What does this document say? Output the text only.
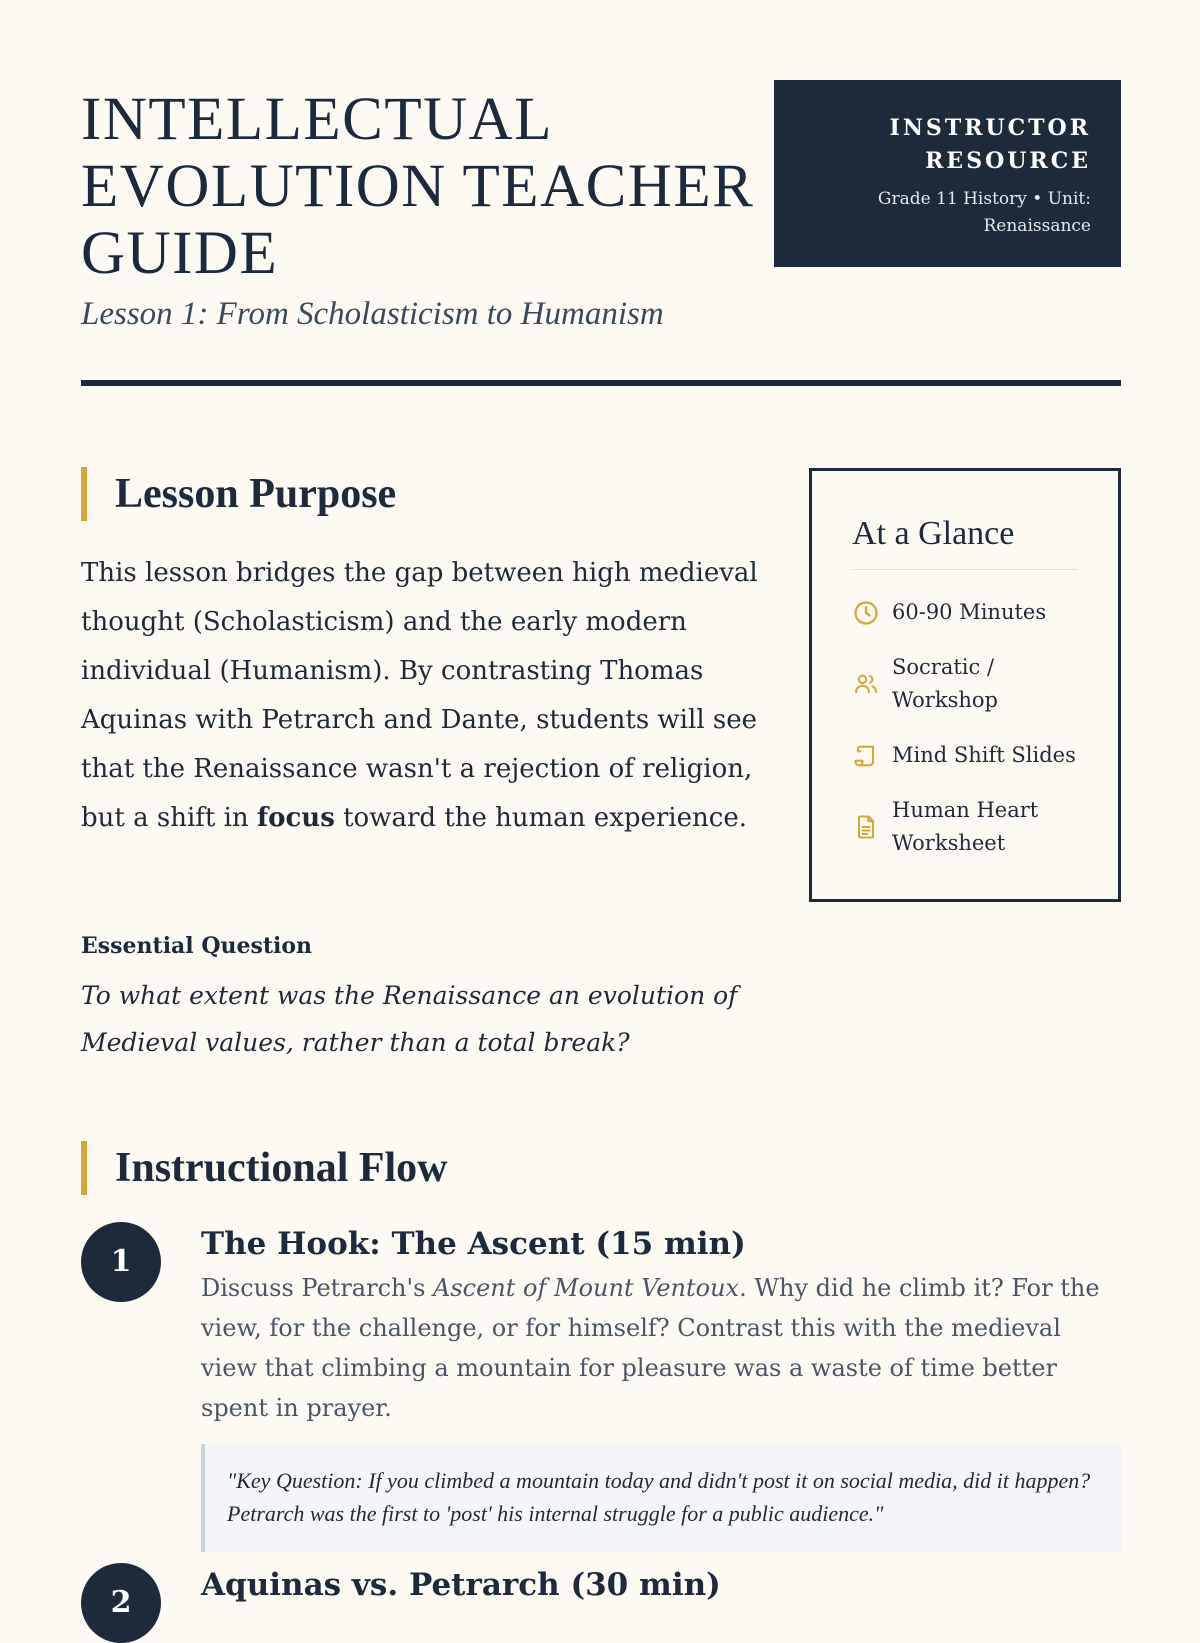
INTELLECTUAL EVOLUTION TEACHER GUIDE
Lesson 1: From Scholasticism to Humanism
INSTRUCTOR RESOURCE
Grade 11 History • Unit: Renaissance
Lesson Purpose

This lesson bridges the gap between high medieval thought (Scholasticism) and the early modern individual (Humanism). By contrasting Thomas Aquinas with Petrarch and Dante, students will see that the Renaissance wasn't a rejection of religion, but a shift in focus toward the human experience.

Essential Question
To what extent was the Renaissance an evolution of Medieval values, rather than a total break?
At a Glance
60-90 Minutes
Socratic / Workshop
Mind Shift Slides
Human Heart Worksheet
Instructional Flow
1	The Hook: The Ascent (15 min)

Discuss Petrarch's Ascent of Mount Ventoux. Why did he climb it? For the view, for the challenge, or for himself? Contrast this with the medieval view that climbing a mountain for pleasure was a waste of time better spent in prayer.

"Key Question: If you climbed a mountain today and didn't post it on social media, did it happen? Petrarch was the first to 'post' his internal struggle for a public audience."
2	Aquinas vs. Petrarch (30 min)
